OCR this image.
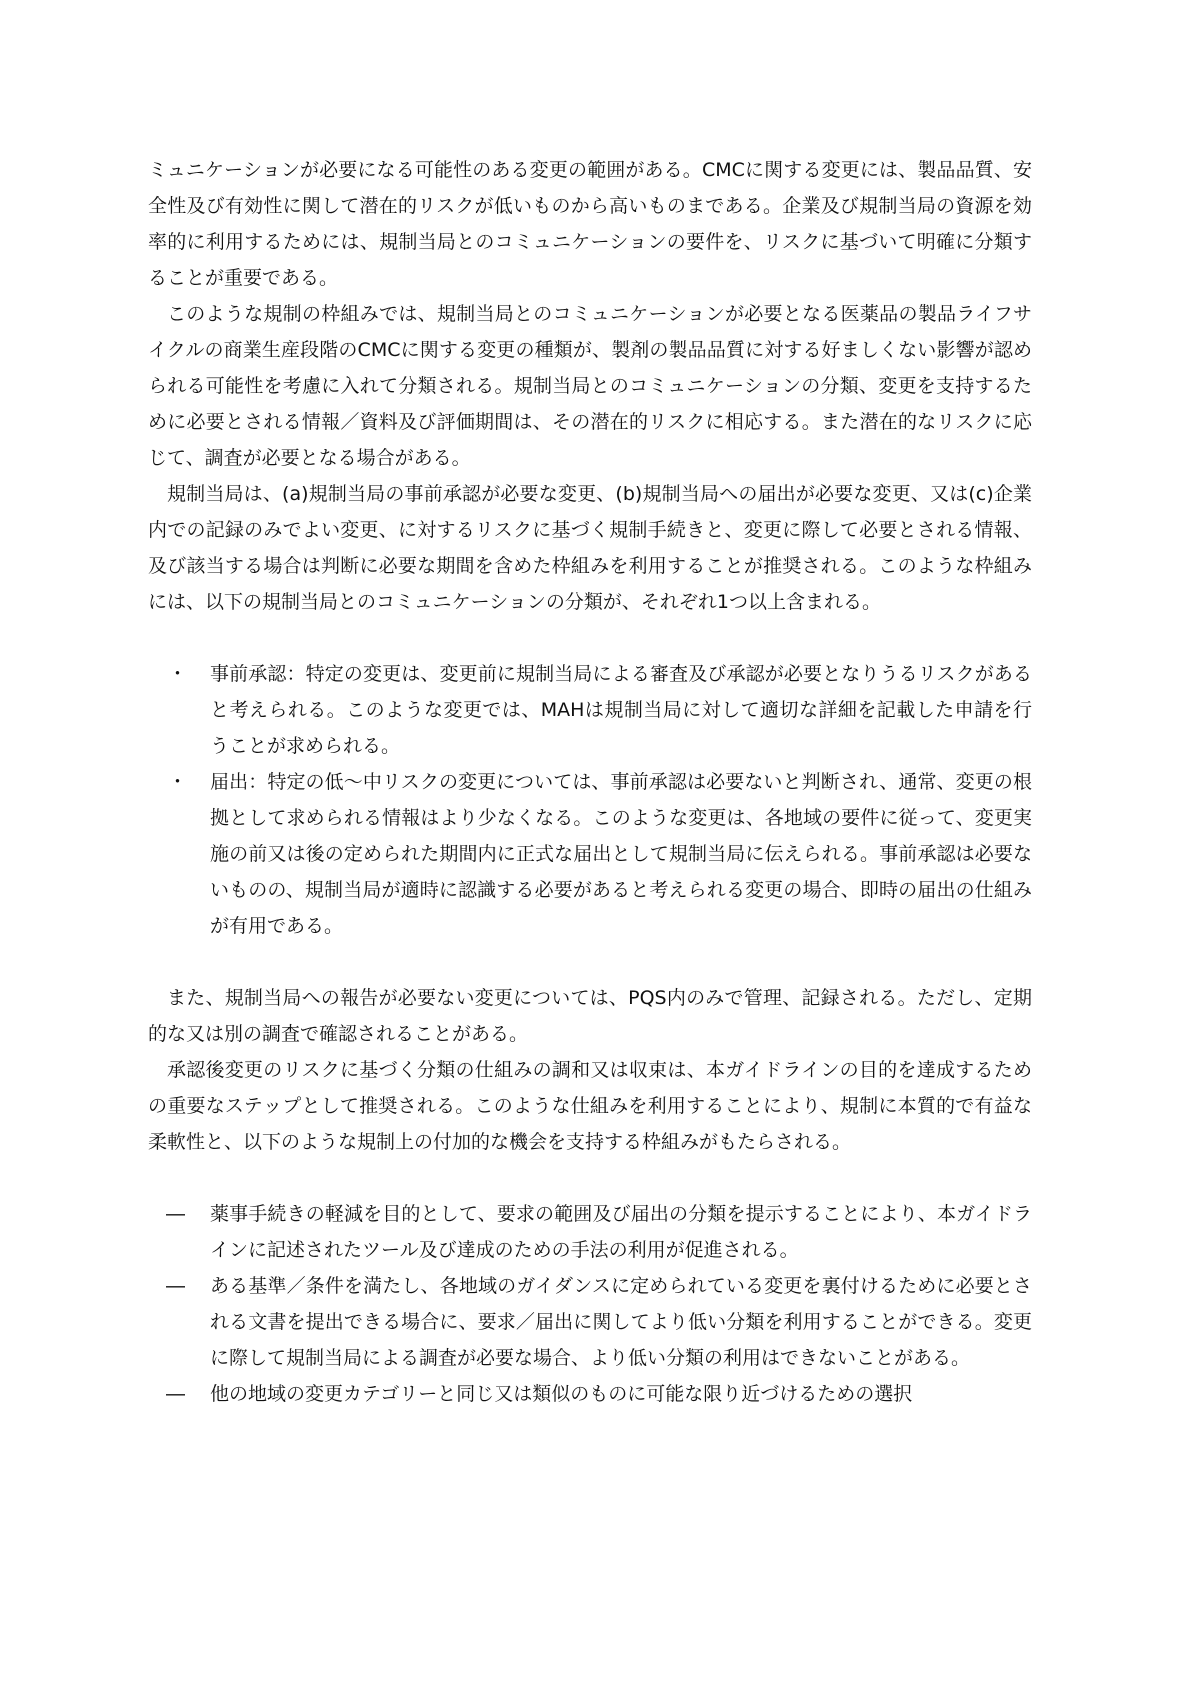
ミュニケーションが必要になる可能性のある変更の範囲がある。CMCに関する変更には、製品品質、安全性及び有効性に関して潜在的リスクが低いものから高いものまである。企業及び規制当局の資源を効率的に利用するためには、規制当局とのコミュニケーションの要件を、リスクに基づいて明確に分類することが重要である。

このような規制の枠組みでは、規制当局とのコミュニケーションが必要となる医薬品の製品ライフサイクルの商業生産段階のCMCに関する変更の種類が、製剤の製品品質に対する好ましくない影響が認められる可能性を考慮に入れて分類される。規制当局とのコミュニケーションの分類、変更を支持するために必要とされる情報／資料及び評価期間は、その潜在的リスクに相応する。また潜在的なリスクに応じて、調査が必要となる場合がある。

規制当局は、(a)規制当局の事前承認が必要な変更、(b)規制当局への届出が必要な変更、又は(c)企業内での記録のみでよい変更、に対するリスクに基づく規制手続きと、変更に際して必要とされる情報、及び該当する場合は判断に必要な期間を含めた枠組みを利用することが推奨される。このような枠組みには、以下の規制当局とのコミュニケーションの分類が、それぞれ1つ以上含まれる。

・ 事前承認：特定の変更は、変更前に規制当局による審査及び承認が必要となりうるリスクがあると考えられる。このような変更では、MAHは規制当局に対して適切な詳細を記載した申請を行うことが求められる。
・ 届出：特定の低～中リスクの変更については、事前承認は必要ないと判断され、通常、変更の根拠として求められる情報はより少なくなる。このような変更は、各地域の要件に従って、変更実施の前又は後の定められた期間内に正式な届出として規制当局に伝えられる。事前承認は必要ないものの、規制当局が適時に認識する必要があると考えられる変更の場合、即時の届出の仕組みが有用である。

また、規制当局への報告が必要ない変更については、PQS内のみで管理、記録される。ただし、定期的な又は別の調査で確認されることがある。

承認後変更のリスクに基づく分類の仕組みの調和又は収束は、本ガイドラインの目的を達成するための重要なステップとして推奨される。このような仕組みを利用することにより、規制に本質的で有益な柔軟性と、以下のような規制上の付加的な機会を支持する枠組みがもたらされる。

― 薬事手続きの軽減を目的として、要求の範囲及び届出の分類を提示することにより、本ガイドラインに記述されたツール及び達成のための手法の利用が促進される。
― ある基準／条件を満たし、各地域のガイダンスに定められている変更を裏付けるために必要とされる文書を提出できる場合に、要求／届出に関してより低い分類を利用することができる。変更に際して規制当局による調査が必要な場合、より低い分類の利用はできないことがある。
― 他の地域の変更カテゴリーと同じ又は類似のものに可能な限り近づけるための選択
